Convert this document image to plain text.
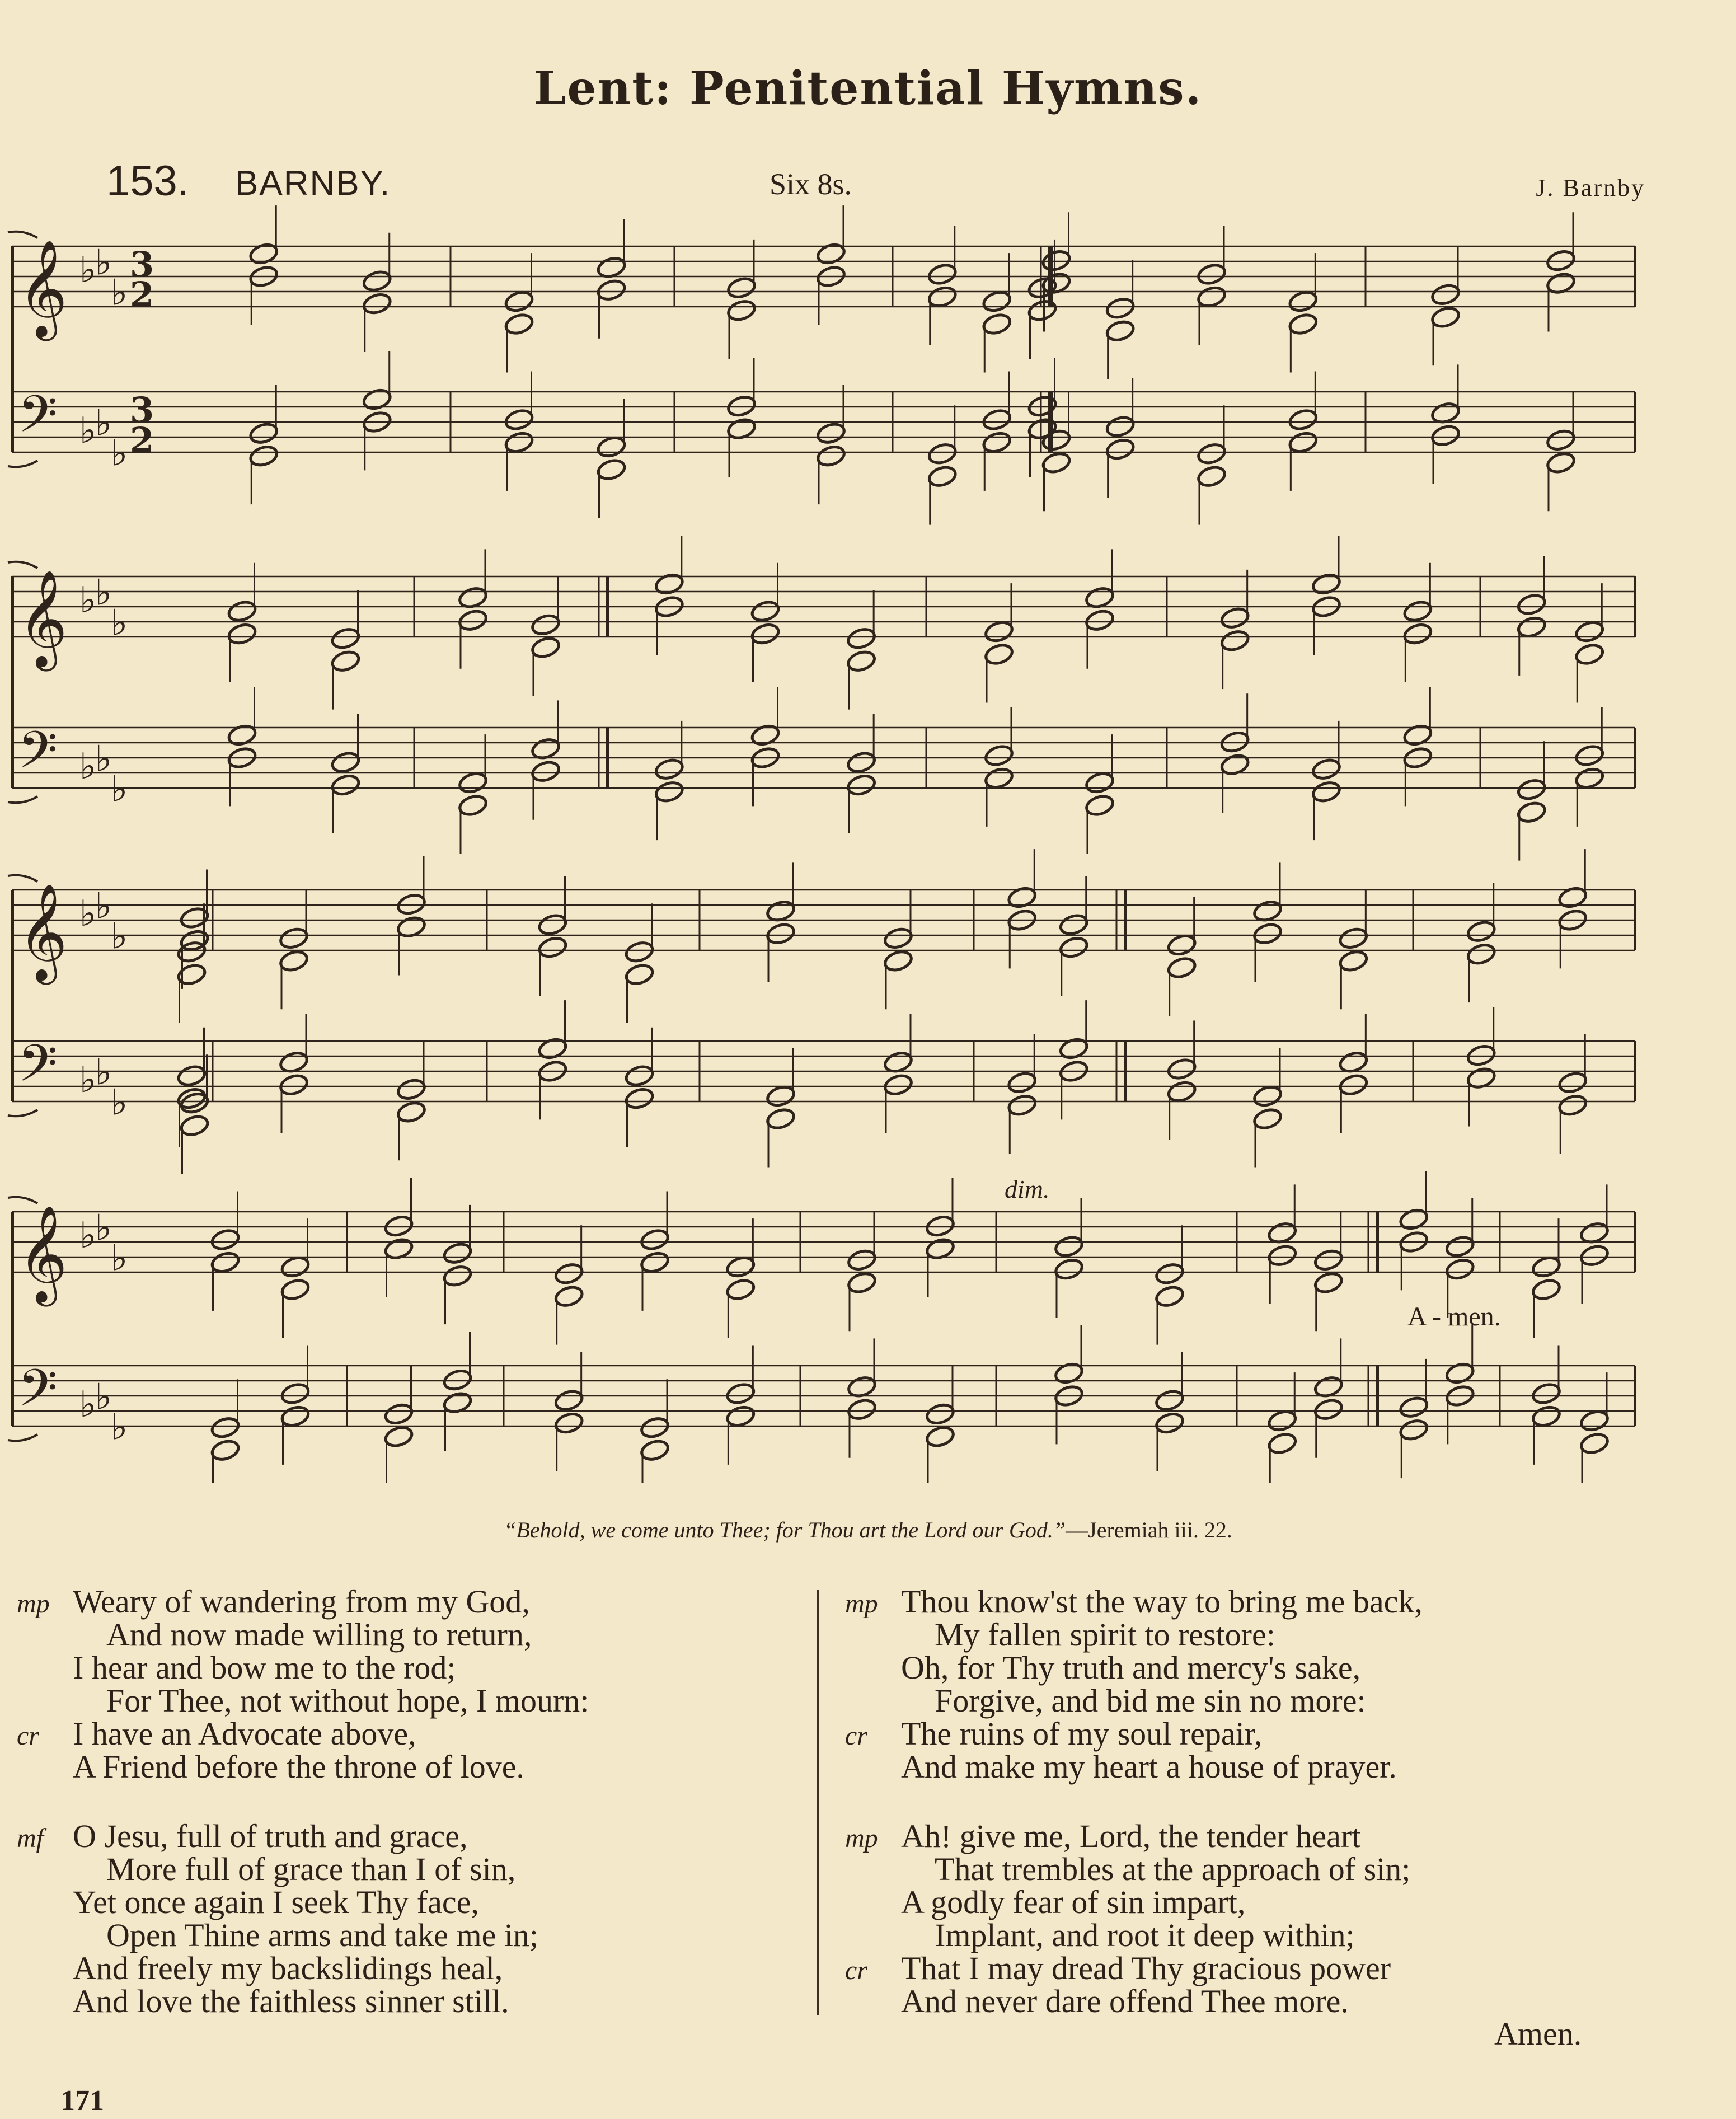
Lent: Penitential Hymns.
153. BARNBY.	Six 8s.	J. Barnby
𝄞 ♭
♭
♭
3
2
𝄢 ♭
♭
♭
3
2
𝄞 ♭
♭
♭
𝄢 ♭
♭
♭
𝄞 ♭
♭
♭
𝄢 ♭
♭
♭
𝄞 ♭
♭
♭
𝄢 ♭
♭
♭
dim.
A - men.
“Behold, we come unto Thee; for Thou art the Lord our God.”—Jeremiah iii. 22.
mp Weary of wandering from my God,
And now made willing to return,
I hear and bow me to the rod;
For Thee, not without hope, I mourn:
cr I have an Advocate above,
A Friend before the throne of love.
mf O Jesu, full of truth and grace,
More full of grace than I of sin,
Yet once again I seek Thy face,
Open Thine arms and take me in;
And freely my backslidings heal,
And love the faithless sinner still.
mp Thou know'st the way to bring me back,
My fallen spirit to restore:
Oh, for Thy truth and mercy's sake,
Forgive, and bid me sin no more:
cr The ruins of my soul repair,
And make my heart a house of prayer.
mp Ah! give me, Lord, the tender heart
That trembles at the approach of sin;
A godly fear of sin impart,
Implant, and root it deep within;
cr That I may dread Thy gracious power
And never dare offend Thee more.
Amen.
171
